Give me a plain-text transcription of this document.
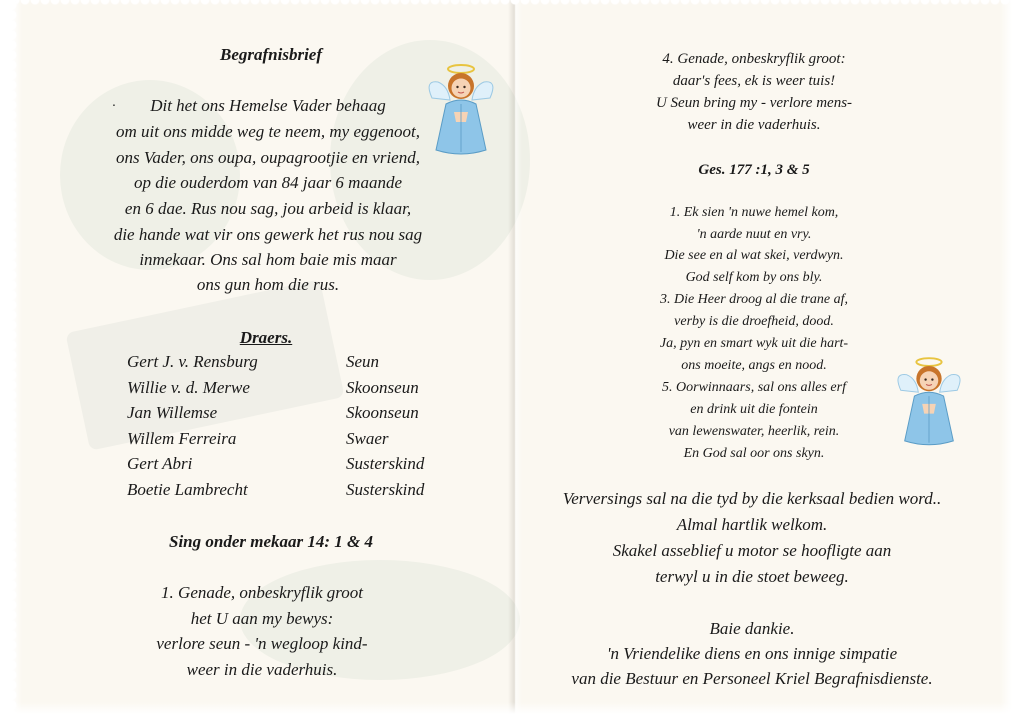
Begrafnisbrief
· Dit het ons Hemelse Vader behaag
om uit ons midde weg te neem, my eggenoot,
ons Vader, ons oupa, oupagrootjie en vriend,
op die ouderdom van 84 jaar 6 maande
en 6 dae. Rus nou sag, jou arbeid is klaar,
die hande wat vir ons gewerk het rus nou sag
inmekaar. Ons sal hom baie mis maar
ons gun hom die rus.
Draers.
Gert J. v. Rensburg	Seun
Willie v. d. Merwe	Skoonseun
Jan Willemse	Skoonseun
Willem Ferreira	Swaer
Gert Abri	Susterskind
Boetie Lambrecht	Susterskind
Sing onder mekaar 14: 1 & 4
1. Genade, onbeskryflik groot
het U aan my bewys:
verlore seun - 'n wegloop kind-
weer in die vaderhuis.
4. Genade, onbeskryflik groot:
daar's fees, ek is weer tuis!
U Seun bring my - verlore mens-
weer in die vaderhuis.
Ges. 177 :1, 3 & 5
1. Ek sien 'n nuwe hemel kom,
'n aarde nuut en vry.
Die see en al wat skei, verdwyn.
God self kom by ons bly.
3. Die Heer droog al die trane af,
verby is die droefheid, dood.
Ja, pyn en smart wyk uit die hart-
ons moeite, angs en nood.
5. Oorwinnaars, sal ons alles erf
en drink uit die fontein
van lewenswater, heerlik, rein.
En God sal oor ons skyn.
Verversings sal na die tyd by die kerksaal bedien word..
Almal hartlik welkom.
Skakel asseblief u motor se hoofligte aan
terwyl u in die stoet beweeg.
Baie dankie.
'n Vriendelike diens en ons innige simpatie
van die Bestuur en Personeel Kriel Begrafnisdienste.
